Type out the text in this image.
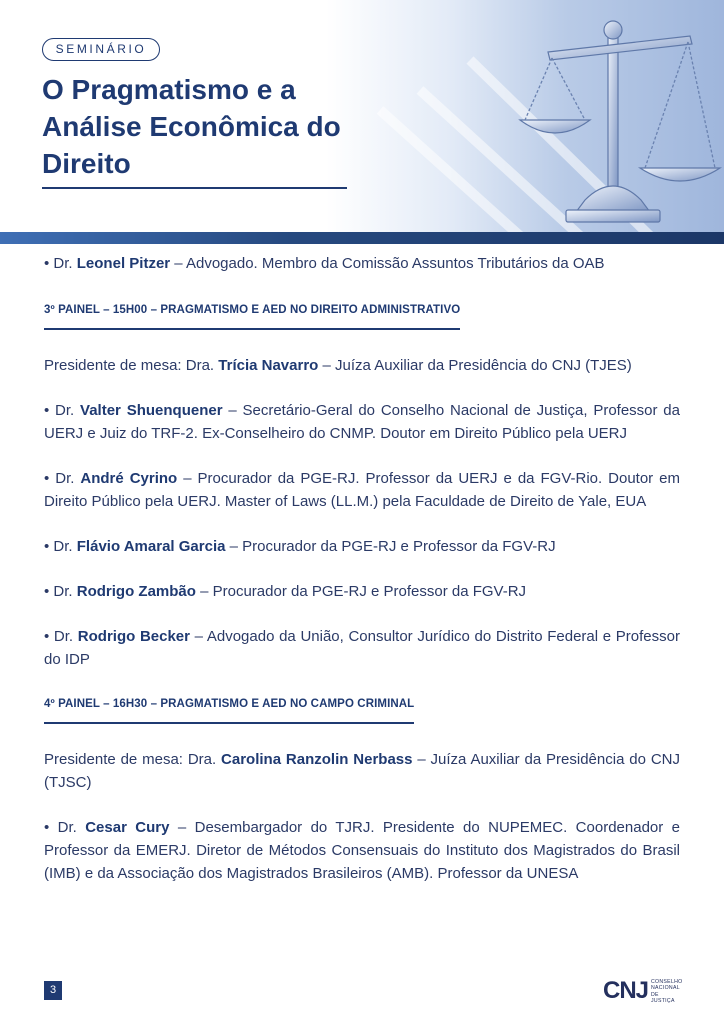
SEMINÁRIO
O Pragmatismo e a Análise Econômica do Direito

• Dr. Leonel Pitzer – Advogado. Membro da Comissão Assuntos Tributários da OAB

3º PAINEL – 15H00 – PRAGMATISMO E AED NO DIREITO ADMINISTRATIVO

Presidente de mesa: Dra. Trícia Navarro – Juíza Auxiliar da Presidência do CNJ (TJES)

• Dr. Valter Shuenquener – Secretário-Geral do Conselho Nacional de Justiça, Professor da UERJ e Juiz do TRF-2. Ex-Conselheiro do CNMP. Doutor em Direito Público pela UERJ

• Dr. André Cyrino – Procurador da PGE-RJ. Professor da UERJ e da FGV-Rio. Doutor em Direito Público pela UERJ. Master of Laws (LL.M.) pela Faculdade de Direito de Yale, EUA

• Dr. Flávio Amaral Garcia – Procurador da PGE-RJ e Professor da FGV-RJ

• Dr. Rodrigo Zambão – Procurador da PGE-RJ e Professor da FGV-RJ

• Dr. Rodrigo Becker – Advogado da União, Consultor Jurídico do Distrito Federal e Professor do IDP

4º PAINEL – 16H30 – PRAGMATISMO E AED NO CAMPO CRIMINAL

Presidente de mesa: Dra. Carolina Ranzolin Nerbass – Juíza Auxiliar da Presidência do CNJ (TJSC)

• Dr. Cesar Cury – Desembargador do TJRJ. Presidente do NUPEMEC. Coordenador e Professor da EMERJ. Diretor de Métodos Consensuais do Instituto dos Magistrados do Brasil (IMB) e da Associação dos Magistrados Brasileiros (AMB). Professor da UNESA

3	CNJ CONSELHO
NACIONAL
DE JUSTIÇA
